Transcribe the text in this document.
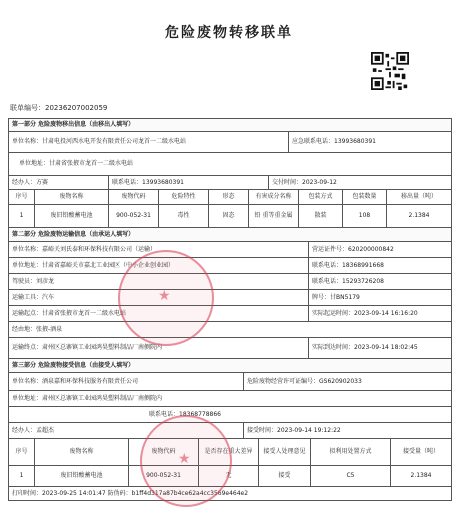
危险废物转移联单
联单编号：20236207002059
第一部分 危险废物移出信息（由移出人填写）
单位名称：甘肃电投河西水电开发有限责任公司龙首一二级水电站	应急联系电话：13993680391
单位地址：甘肃省张掖市龙首一二级水电站
经办人：方赛	联系电话：13993680391	交付时间：2023-09-12
序号	废物名称	废物代码	危险特性	形态	有害成分名称	包装方式	包装数量	移出量（吨）
1	废旧铅酸蓄电池	900-052-31	毒性	固态	铅 重等重金属	散装	108	2.1384
第二部分 危险废物运输信息（由承运人填写）
单位名称：嘉峪关刘氏泰和环保科技有限公司（运输）	营运证件号：620200000842
单位地址：甘肃省嘉峪关市嘉北工业园区（中小企业创业园）	联系电话：18368991668
驾驶员：刘彦龙	联系电话：15293726208
运输工具：汽车	牌号：甘BN5179
运输起点：甘肃省张掖市龙首一二级水电站	实际起运时间：2023-09-14 16:16:20
经由地：张掖-酒泉
运输终点：肃州区总寨镇工业园鸿昊塑料制品厂南侧院内	实际到达时间：2023-09-14 18:02:45
第三部分 危险废物接受信息（由接受人填写）
单位名称：酒泉嘉和环保科技服务有限责任公司	危险废物经营许可证编号：GS620902033
单位地址：肃州区总寨镇工业园鸿昊塑料制品厂南侧院内
联系电话：18368778866
经办人：孟超杰	接受时间：2023-09-14 19:12:22
序号	废物名称	废物代码	是否存在重大差异	接受人处理意见	拟利用处置方式	接受量（吨）
1	废旧铅酸蓄电池	900-052-31	无	接受	C5	2.1384
打印时间：2023-09-25 14:01:47 防伪码：b1ff4d317a87b4ce62a4cc3569e464e2
★
★
